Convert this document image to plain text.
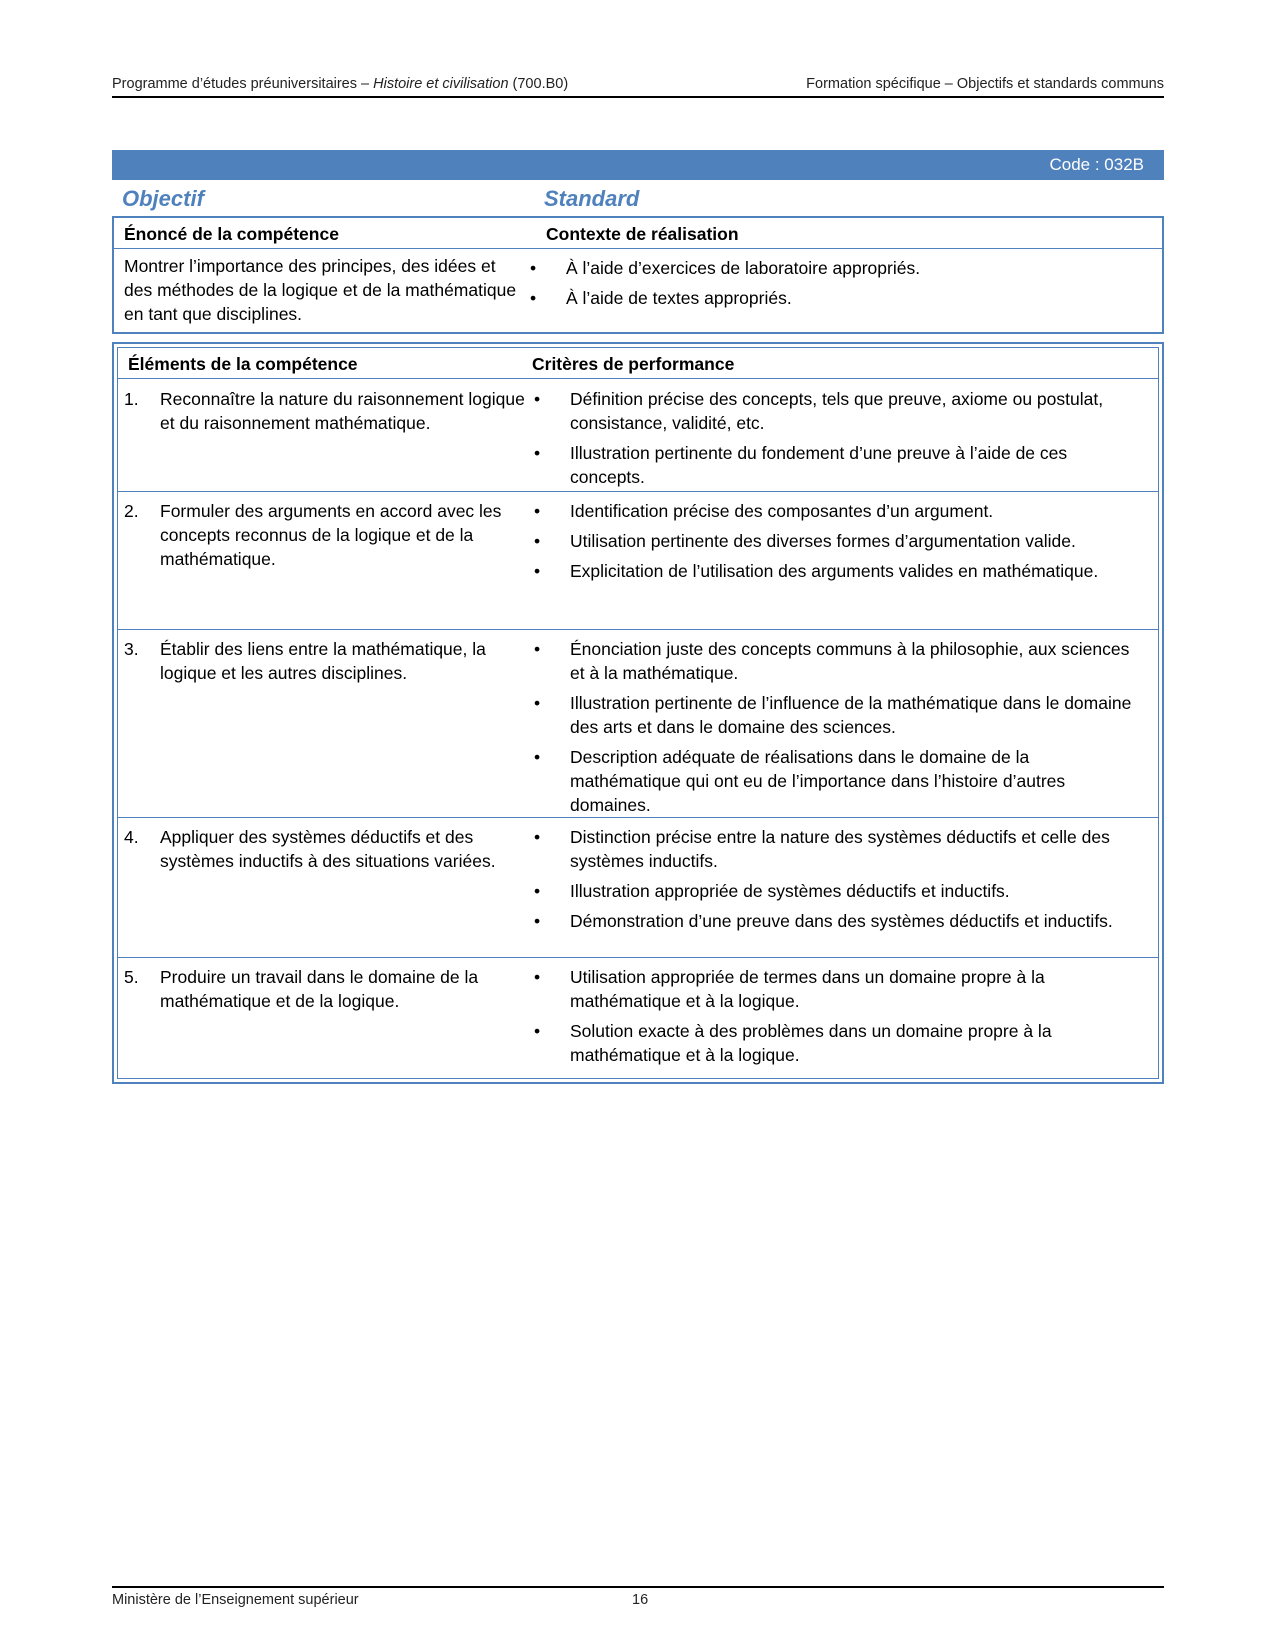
Programme d’études préuniversitaires – Histoire et civilisation (700.B0)	Formation spécifique – Objectifs et standards communs
Code : 032B
Objectif	Standard
Énoncé de la compétence	Contexte de réalisation
Montrer l’importance des principes, des idées et des méthodes de la logique et de la mathématique en tant que disciplines.
• À l’aide d’exercices de laboratoire appropriés.
• À l’aide de textes appropriés.
Éléments de la compétence	Critères de performance
1. Reconnaître la nature du raisonnement logique et du raisonnement mathématique.
• Définition précise des concepts, tels que preuve, axiome ou postulat, consistance, validité, etc.
• Illustration pertinente du fondement d’une preuve à l’aide de ces concepts.
2. Formuler des arguments en accord avec les concepts reconnus de la logique et de la mathématique.
• Identification précise des composantes d’un argument.
• Utilisation pertinente des diverses formes d’argumentation valide.
• Explicitation de l’utilisation des arguments valides en mathématique.
3. Établir des liens entre la mathématique, la logique et les autres disciplines.
• Énonciation juste des concepts communs à la philosophie, aux sciences et à la mathématique.
• Illustration pertinente de l’influence de la mathématique dans le domaine des arts et dans le domaine des sciences.
• Description adéquate de réalisations dans le domaine de la mathématique qui ont eu de l’importance dans l’histoire d’autres domaines.
4. Appliquer des systèmes déductifs et des systèmes inductifs à des situations variées.
• Distinction précise entre la nature des systèmes déductifs et celle des systèmes inductifs.
• Illustration appropriée de systèmes déductifs et inductifs.
• Démonstration d’une preuve dans des systèmes déductifs et inductifs.
5. Produire un travail dans le domaine de la mathématique et de la logique.
• Utilisation appropriée de termes dans un domaine propre à la mathématique et à la logique.
• Solution exacte à des problèmes dans un domaine propre à la mathématique et à la logique.
Ministère de l’Enseignement supérieur	16
